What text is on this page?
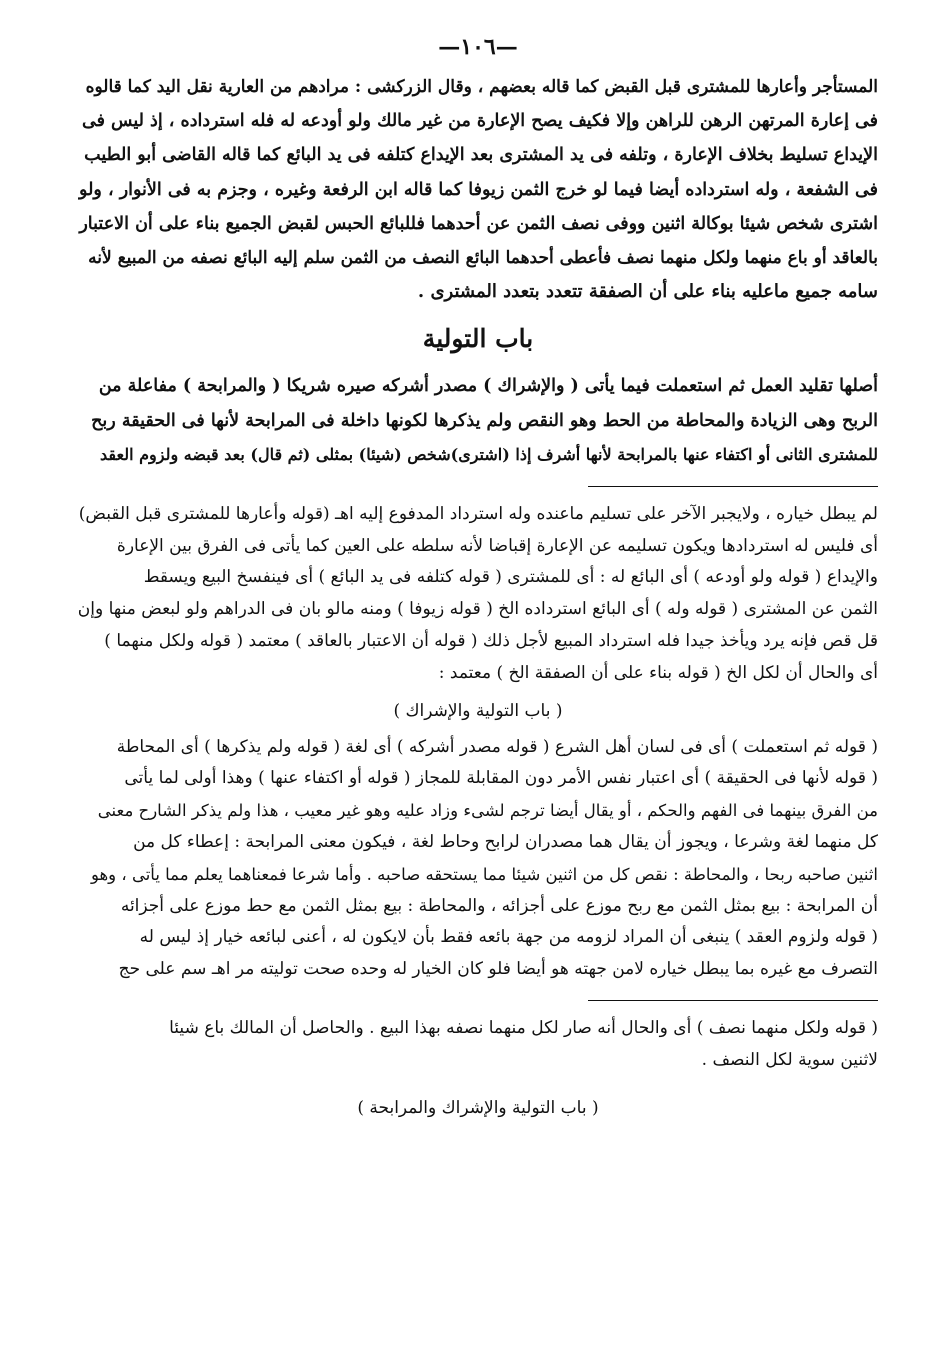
—١٠٦—
المستأجر وأعارها للمشترى قبل القبض كما قاله بعضهم ، وقال الزركشى : مرادهم من العارية نقل اليد كما قالوه
فى إعارة المرتهن الرهن للراهن وإلا فكيف يصح الإعارة من غير مالك ولو أودعه له فله استرداده ، إذ ليس فى
الإيداع تسليط بخلاف الإعارة ، وتلفه فى يد المشترى بعد الإيداع كتلفه فى يد البائع كما قاله القاضى أبو الطيب
فى الشفعة ، وله استرداده أيضا فيما لو خرج الثمن زيوفا كما قاله ابن الرفعة وغيره ، وجزم به فى الأنوار ، ولو
اشترى شخص شيئا بوكالة اثنين ووفى نصف الثمن عن أحدهما فللبائع الحبس لقبض الجميع بناء على أن الاعتبار
بالعاقد أو باع منهما ولكل منهما نصف فأعطى أحدهما البائع النصف من الثمن سلم إليه البائع نصفه من المبيع لأنه
سامه جميع ماعليه بناء على أن الصفقة تتعدد بتعدد المشترى .
باب التولية
أصلها تقليد العمل ثم استعملت فيما يأتى ( والإشراك ) مصدر أشركه صيره شريكا ( والمرابحة ) مفاعلة من
الربح وهى الزيادة والمحاطة من الحط وهو النقص ولم يذكرها لكونها داخلة فى المرابحة لأنها فى الحقيقة ربح
للمشترى الثانى أو اكتفاء عنها بالمرابحة لأنها أشرف إذا (اشترى)شخص (شيئا) بمثلى (ثم قال) بعد قبضه ولزوم العقد
لم يبطل خياره ، ولايجبر الآخر على تسليم ماعنده وله استرداد المدفوع إليه اهـ (قوله وأعارها للمشترى قبل القبض)
أى فليس له استردادها ويكون تسليمه عن الإعارة إقباضا لأنه سلطه على العين كما يأتى فى الفرق بين الإعارة
والإيداع ( قوله ولو أودعه ) أى البائع له : أى للمشترى ( قوله كتلفه فى يد البائع ) أى فينفسخ البيع ويسقط
الثمن عن المشترى ( قوله وله ) أى البائع استرداده الخ ( قوله زيوفا ) ومنه مالو بان فى الدراهم ولو لبعض منها وإن
قل قص فإنه يرد ويأخذ جيدا فله استرداد المبيع لأجل ذلك ( قوله أن الاعتبار بالعاقد ) معتمد ( قوله ولكل منهما )
أى والحال أن لكل الخ ( قوله بناء على أن الصفقة الخ ) معتمد :
( باب التولية والإشراك )
( قوله ثم استعملت ) أى فى لسان أهل الشرع ( قوله مصدر أشركه ) أى لغة ( قوله ولم يذكرها ) أى المحاطة
( قوله لأنها فى الحقيقة ) أى اعتبار نفس الأمر دون المقابلة للمجاز ( قوله أو اكتفاء عنها ) وهذا أولى لما يأتى
من الفرق بينهما فى الفهم والحكم ، أو يقال أيضا ترجم لشىء وزاد عليه وهو غير معيب ، هذا ولم يذكر الشارح معنى
كل منهما لغة وشرعا ، ويجوز أن يقال هما مصدران لرابح وحاط لغة ، فيكون معنى المرابحة : إعطاء كل من
اثنين صاحبه ربحا ، والمحاطة : نقص كل من اثنين شيئا مما يستحقه صاحبه . وأما شرعا فمعناهما يعلم مما يأتى ، وهو
أن المرابحة : بيع بمثل الثمن مع ربح موزع على أجزائه ، والمحاطة : بيع بمثل الثمن مع حط موزع على أجزائه
( قوله ولزوم العقد ) ينبغى أن المراد لزومه من جهة بائعه فقط بأن لايكون له ، أعنى لبائعه خيار إذ ليس له
التصرف مع غيره بما يبطل خياره لامن جهته هو أيضا فلو كان الخيار له وحده صحت توليته مر اهـ سم على حج
( قوله ولكل منهما نصف ) أى والحال أنه صار لكل منهما نصفه بهذا البيع . والحاصل أن المالك باع شيئا
لاثنين سوية لكل النصف .
( باب التولية والإشراك والمرابحة )
